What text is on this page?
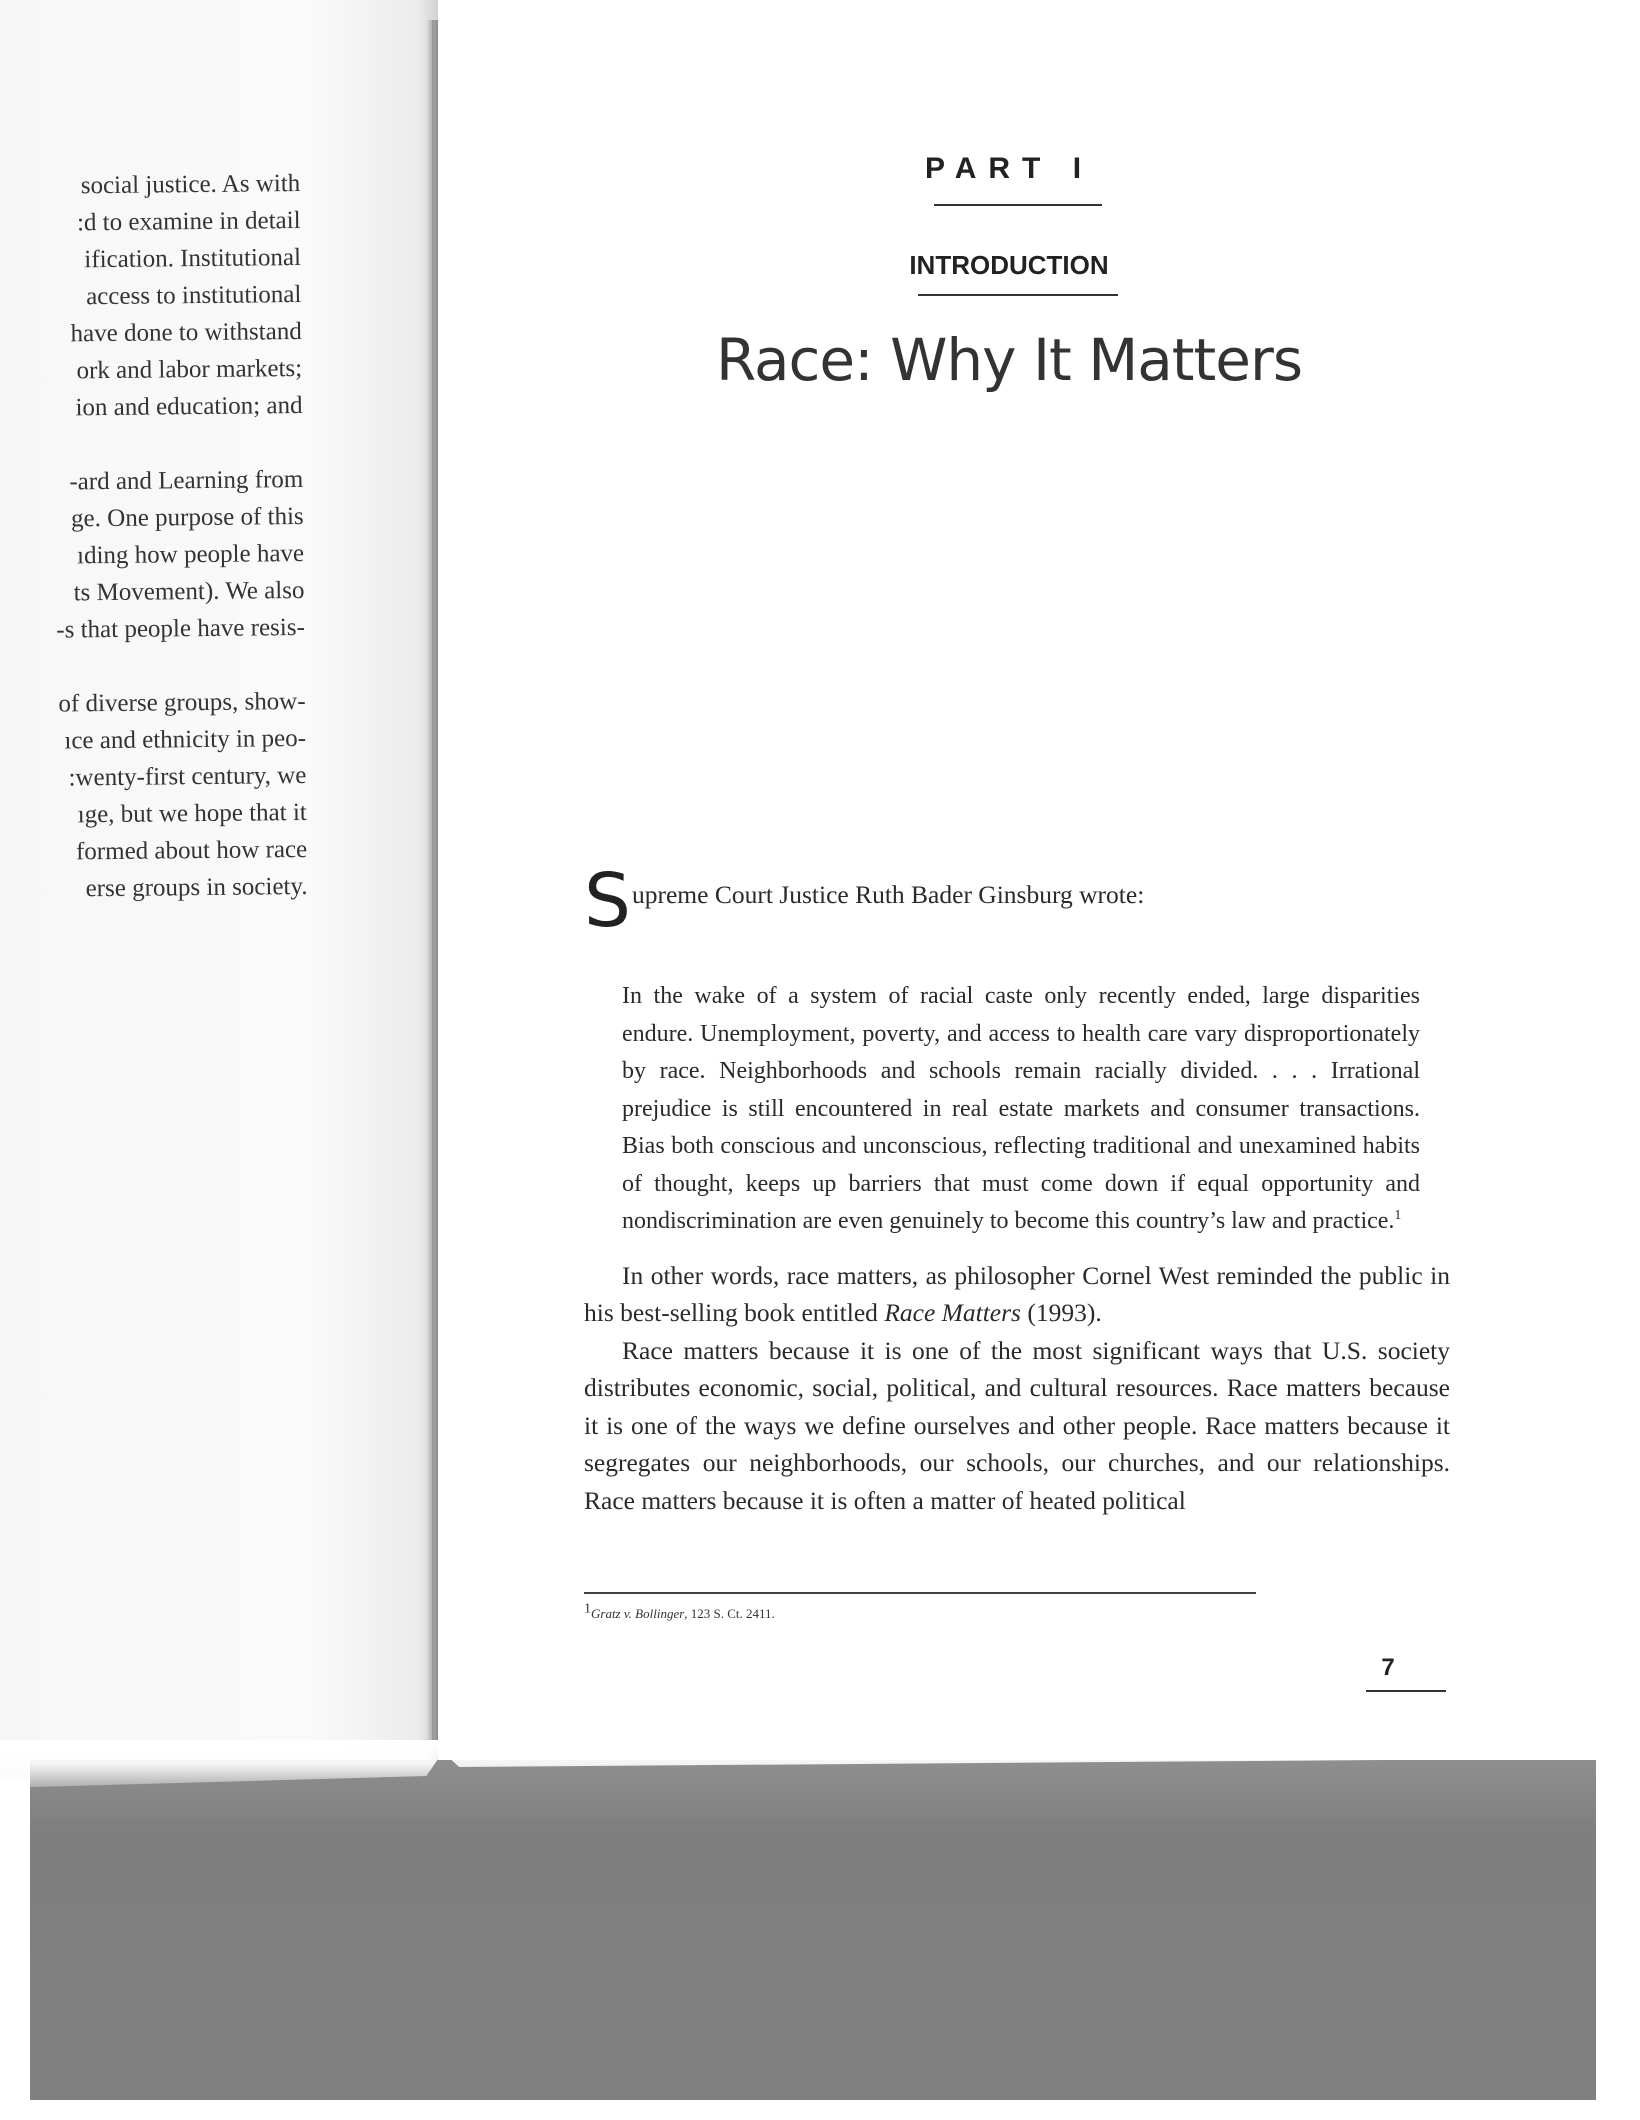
social justice. As with
:d to examine in detail
ification. Institutional
access to institutional
have done to withstand
ork and labor markets;
ion and education; and
-ard and Learning from
ge. One purpose of this
ıding how people have
ts Movement). We also
-s that people have resis-
of diverse groups, show-
ıce and ethnicity in peo-
:wenty-first century, we
ıge, but we hope that it
formed about how race
erse groups in society.
PART I
INTRODUCTION
Race: Why It Matters
S upreme Court Justice Ruth Bader Ginsburg wrote:
In the wake of a system of racial caste only recently ended, large disparities endure. Unemployment, poverty, and access to health care vary disproportionately by race. Neighborhoods and schools remain racially divided. . . . Irrational prejudice is still encountered in real estate markets and consumer transactions. Bias both conscious and unconscious, reflecting traditional and unexamined habits of thought, keeps up barriers that must come down if equal opportunity and nondiscrimination are even genuinely to become this country’s law and practice.$^1$

In other words, race matters, as philosopher Cornel West reminded the public in his best-selling book entitled Race Matters (1993).

Race matters because it is one of the most significant ways that U.S. society distributes economic, social, political, and cultural resources. Race matters because it is one of the ways we define ourselves and other people. Race matters because it segregates our neighborhoods, our schools, our churches, and our relationships. Race matters because it is often a matter of heated political

1Gratz v. Bollinger, 123 S. Ct. 2411.
7
